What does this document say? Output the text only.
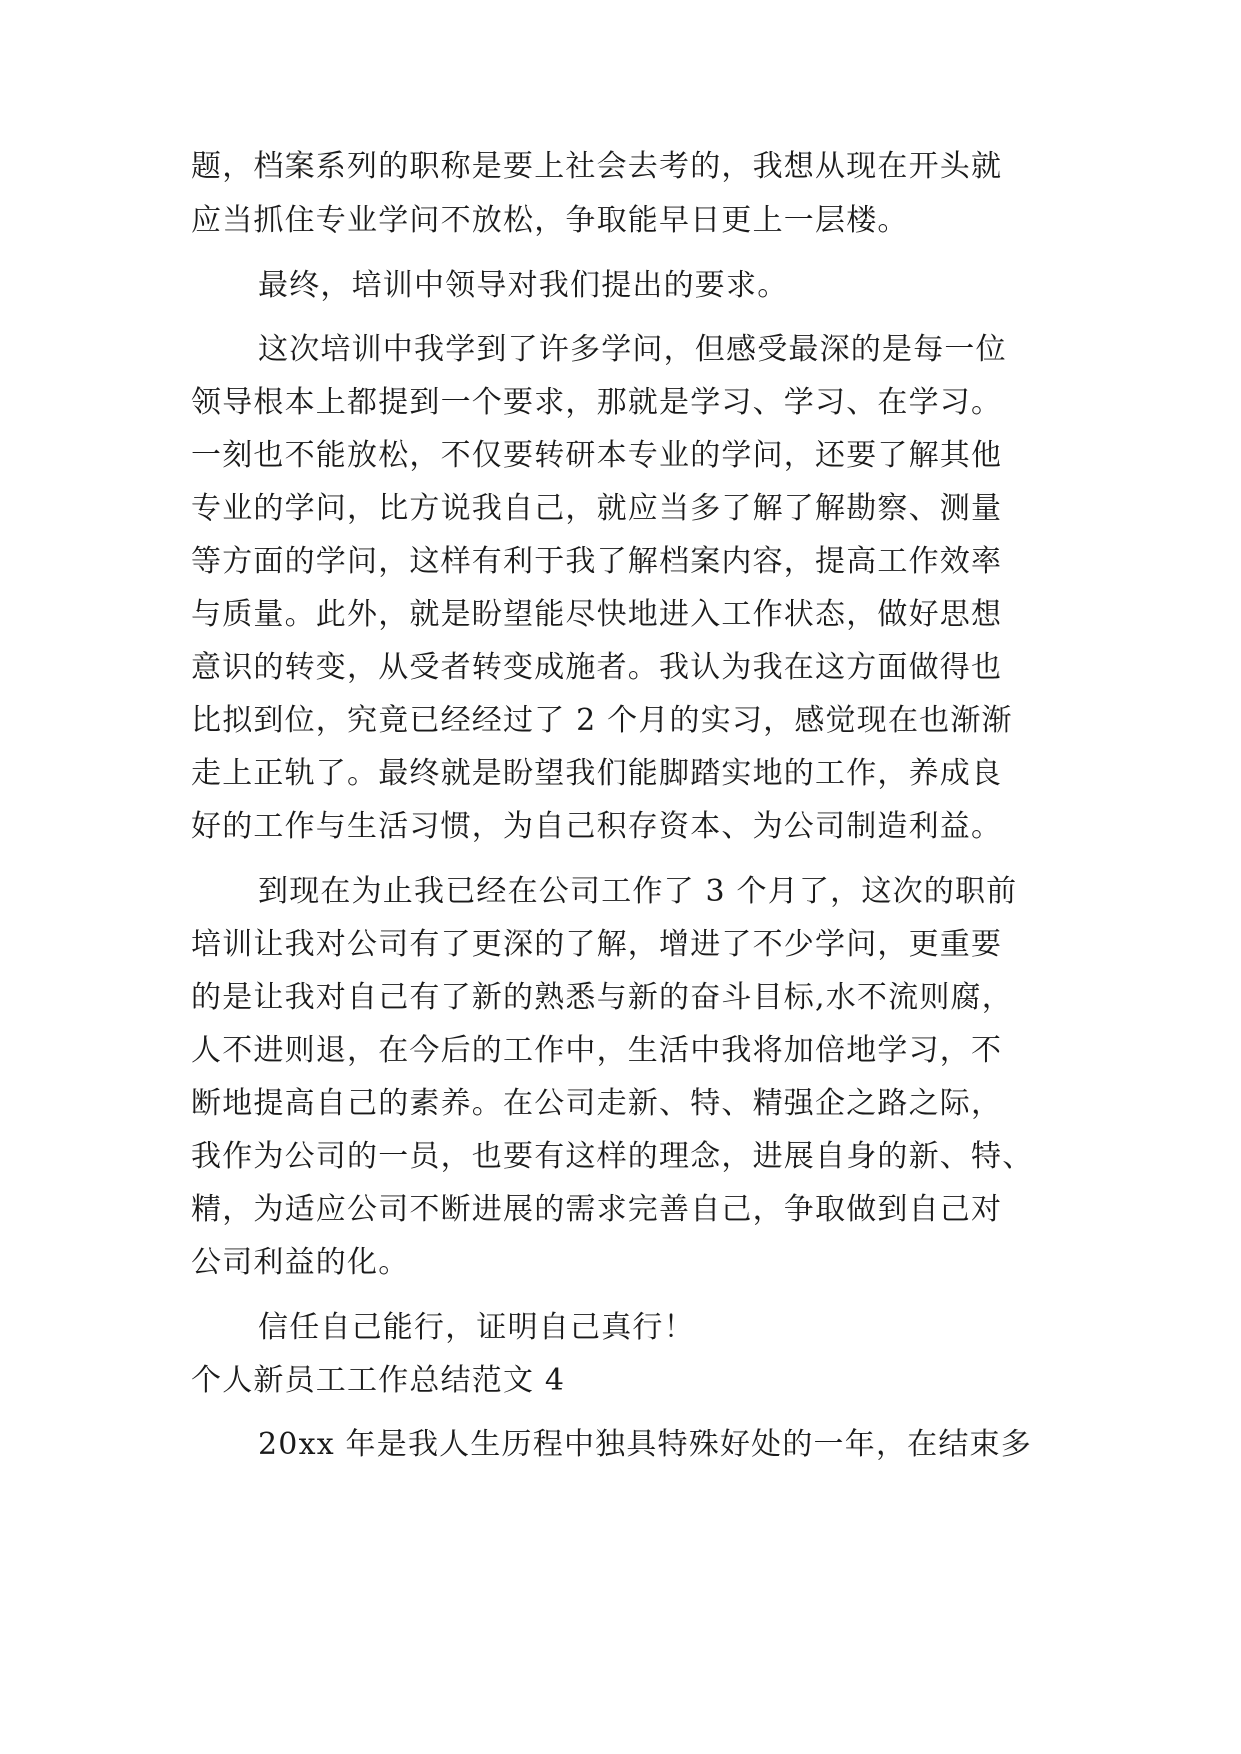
题，档案系列的职称是要上社会去考的，我想从现在开头就
应当抓住专业学问不放松，争取能早日更上一层楼。
最终，培训中领导对我们提出的要求。
这次培训中我学到了许多学问，但感受最深的是每一位
领导根本上都提到一个要求，那就是学习、学习、在学习。
一刻也不能放松，不仅要转研本专业的学问，还要了解其他
专业的学问，比方说我自己，就应当多了解了解勘察、测量
等方面的学问，这样有利于我了解档案内容，提高工作效率
与质量。此外，就是盼望能尽快地进入工作状态，做好思想
意识的转变，从受者转变成施者。我认为我在这方面做得也
比拟到位，究竟已经经过了 2 个月的实习，感觉现在也渐渐
走上正轨了。最终就是盼望我们能脚踏实地的工作，养成良
好的工作与生活习惯，为自己积存资本、为公司制造利益。
到现在为止我已经在公司工作了 3 个月了，这次的职前
培训让我对公司有了更深的了解，增进了不少学问，更重要
的是让我对自己有了新的熟悉与新的奋斗目标,水不流则腐，
人不进则退，在今后的工作中，生活中我将加倍地学习，不
断地提高自己的素养。在公司走新、特、精强企之路之际，
我作为公司的一员，也要有这样的理念，进展自身的新、特、
精，为适应公司不断进展的需求完善自己，争取做到自己对
公司利益的化。
信任自己能行，证明自己真行！
个人新员工工作总结范文 4
20xx 年是我人生历程中独具特殊好处的一年，在结束多
